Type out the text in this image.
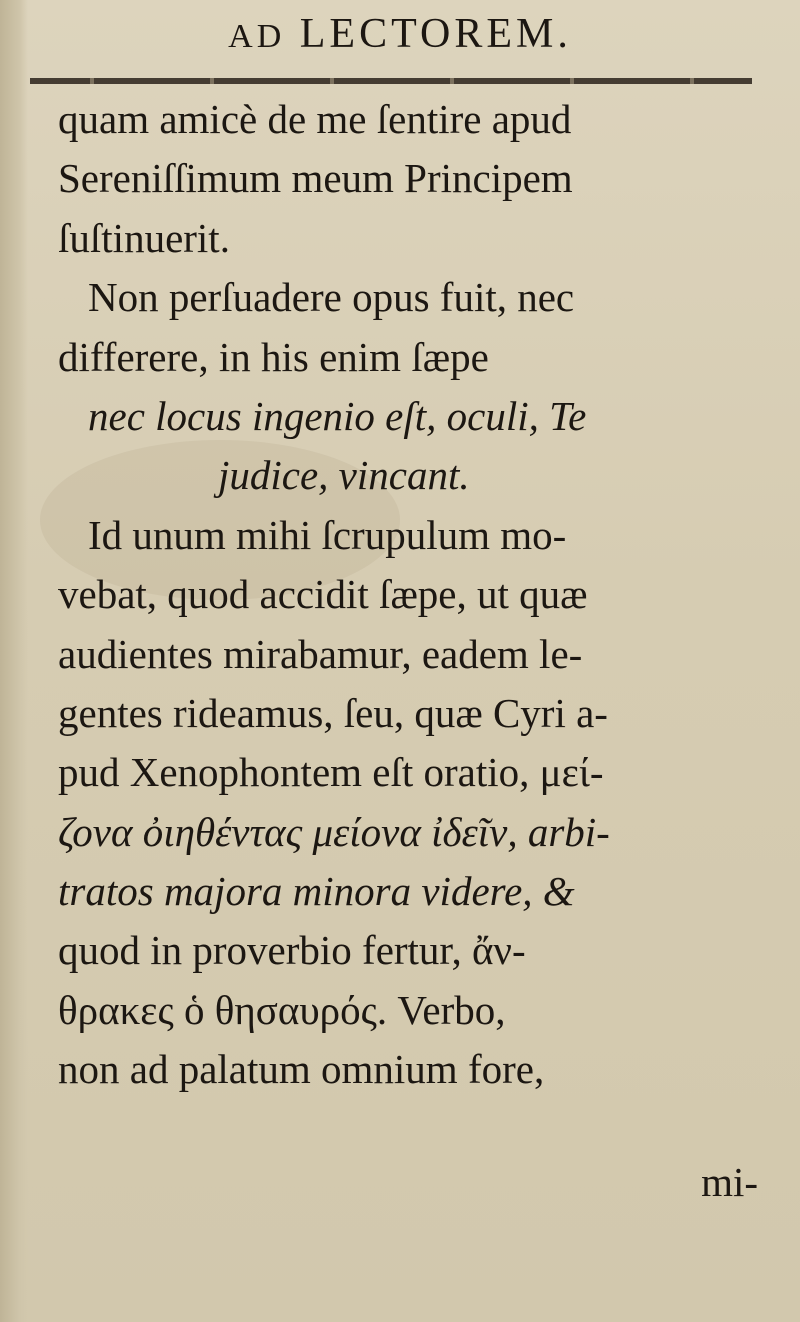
AD LECTOREM.
quam amicè de me ſentire apud
Sereniſſimum meum Principem
ſuſtinuerit.
Non perſuadere opus fuit, nec
differere, in his enim ſæpe
nec locus ingenio eſt, oculi, Te
judice, vincant.
Id unum mihi ſcrupulum mo-
vebat, quod accidit ſæpe, ut quæ
audientes mirabamur, eadem le-
gentes rideamus, ſeu, quæ Cyri a-
pud Xenophontem eſt oratio, μεί-
ζονα ὀιηθέντας μείονα ἰδεῖν, arbi-
tratos majora minora videre, &
quod in proverbio fertur, ἄν-
θρακες ὁ θησαυρός. Verbo,
non ad palatum omnium fore,
mi-
